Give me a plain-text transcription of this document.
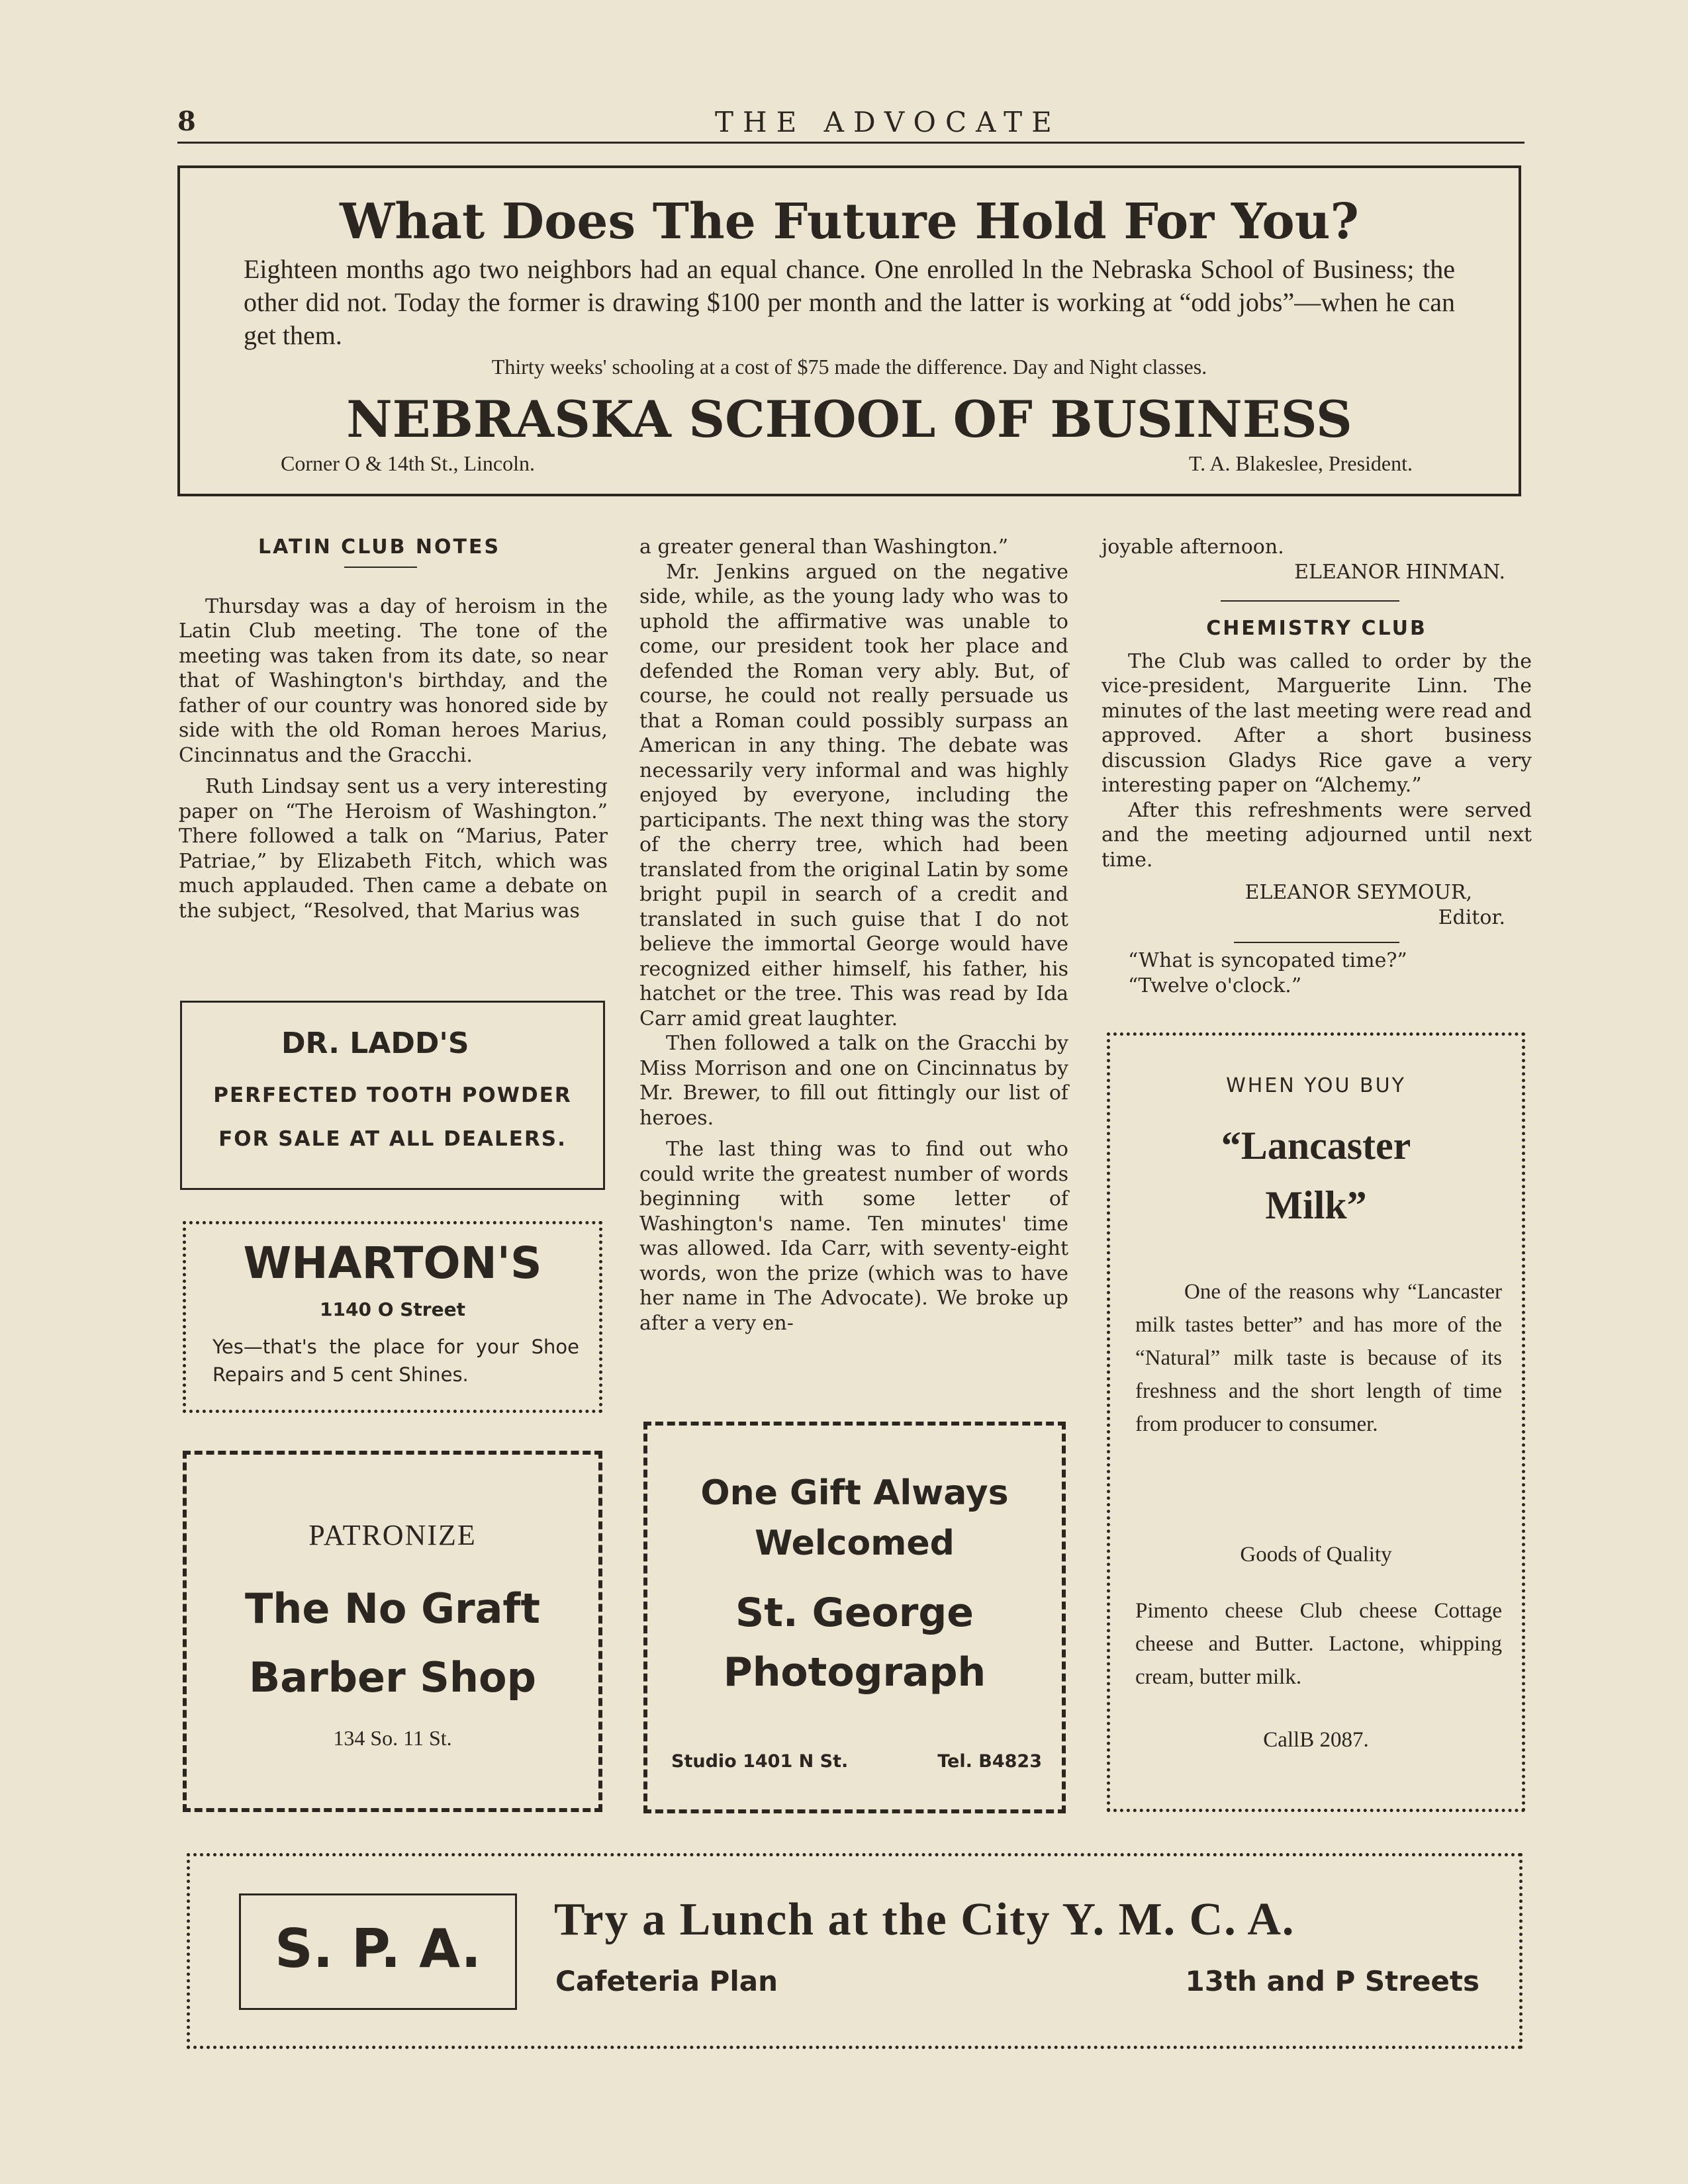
8	THE ADVOCATE
What Does The Future Hold For You?
Eighteen months ago two neighbors had an equal chance. One enrolled ln the Nebraska School of Business; the other did not. Today the former is drawing $100 per month and the latter is working at “odd jobs”—when he can get them.
Thirty weeks' schooling at a cost of $75 made the difference. Day and Night classes.
NEBRASKA SCHOOL OF BUSINESS
Corner O & 14th St., Lincoln.	T. A. Blakeslee, President.
LATIN CLUB NOTES

Thursday was a day of heroism in the Latin Club meeting. The tone of the meeting was taken from its date, so near that of Washington's birthday, and the father of our country was honored side by side with the old Roman heroes Marius, Cincinnatus and the Gracchi.

Ruth Lindsay sent us a very interesting paper on “The Heroism of Washington.” There followed a talk on “Marius, Pater Patriae,” by Elizabeth Fitch, which was much applauded. Then came a debate on the subject, “Resolved, that Marius was

a greater general than Washington.”

Mr. Jenkins argued on the negative side, while, as the young lady who was to uphold the affirmative was unable to come, our president took her place and defended the Roman very ably. But, of course, he could not really persuade us that a Roman could possibly surpass an American in any thing. The debate was necessarily very informal and was highly enjoyed by everyone, including the participants. The next thing was the story of the cherry tree, which had been translated from the original Latin by some bright pupil in search of a credit and translated in such guise that I do not believe the immortal George would have recognized either himself, his father, his hatchet or the tree. This was read by Ida Carr amid great laughter.

Then followed a talk on the Gracchi by Miss Morrison and one on Cincinnatus by Mr. Brewer, to fill out fittingly our list of heroes.

The last thing was to find out who could write the greatest number of words beginning with some letter of Washington's name. Ten minutes' time was allowed. Ida Carr, with seventy-eight words, won the prize (which was to have her name in The Advocate). We broke up after a very en-

joyable afternoon.

ELEANOR HINMAN.
CHEMISTRY CLUB

The Club was called to order by the vice-president, Marguerite Linn. The minutes of the last meeting were read and approved. After a short business discussion Gladys Rice gave a very interesting paper on “Alchemy.”

After this refreshments were served and the meeting adjourned until next time.

ELEANOR SEYMOUR,
Editor.
“What is syncopated time?”
“Twelve o'clock.”
DR. LADD'S
PERFECTED TOOTH POWDER
FOR SALE AT ALL DEALERS.
WHARTON'S
1140 O Street
Yes—that's the place for your Shoe Repairs and 5 cent Shines.
PATRONIZE
The No Graft
Barber Shop
134 So. 11 St.
One Gift Always
Welcomed
St. George
Photograph
Studio 1401 N St.	Tel. B4823
WHEN YOU BUY
“Lancaster
Milk”
One of the reasons why “Lancaster milk tastes better” and has more of the “Natural” milk taste is because of its freshness and the short length of time from producer to consumer.
Goods of Quality
Pimento cheese Club cheese Cottage cheese and Butter. Lactone, whipping cream, butter milk.
CallB 2087.
S. P. A.	Try a Lunch at the City Y. M. C. A.
Cafeteria Plan	13th and P Streets
